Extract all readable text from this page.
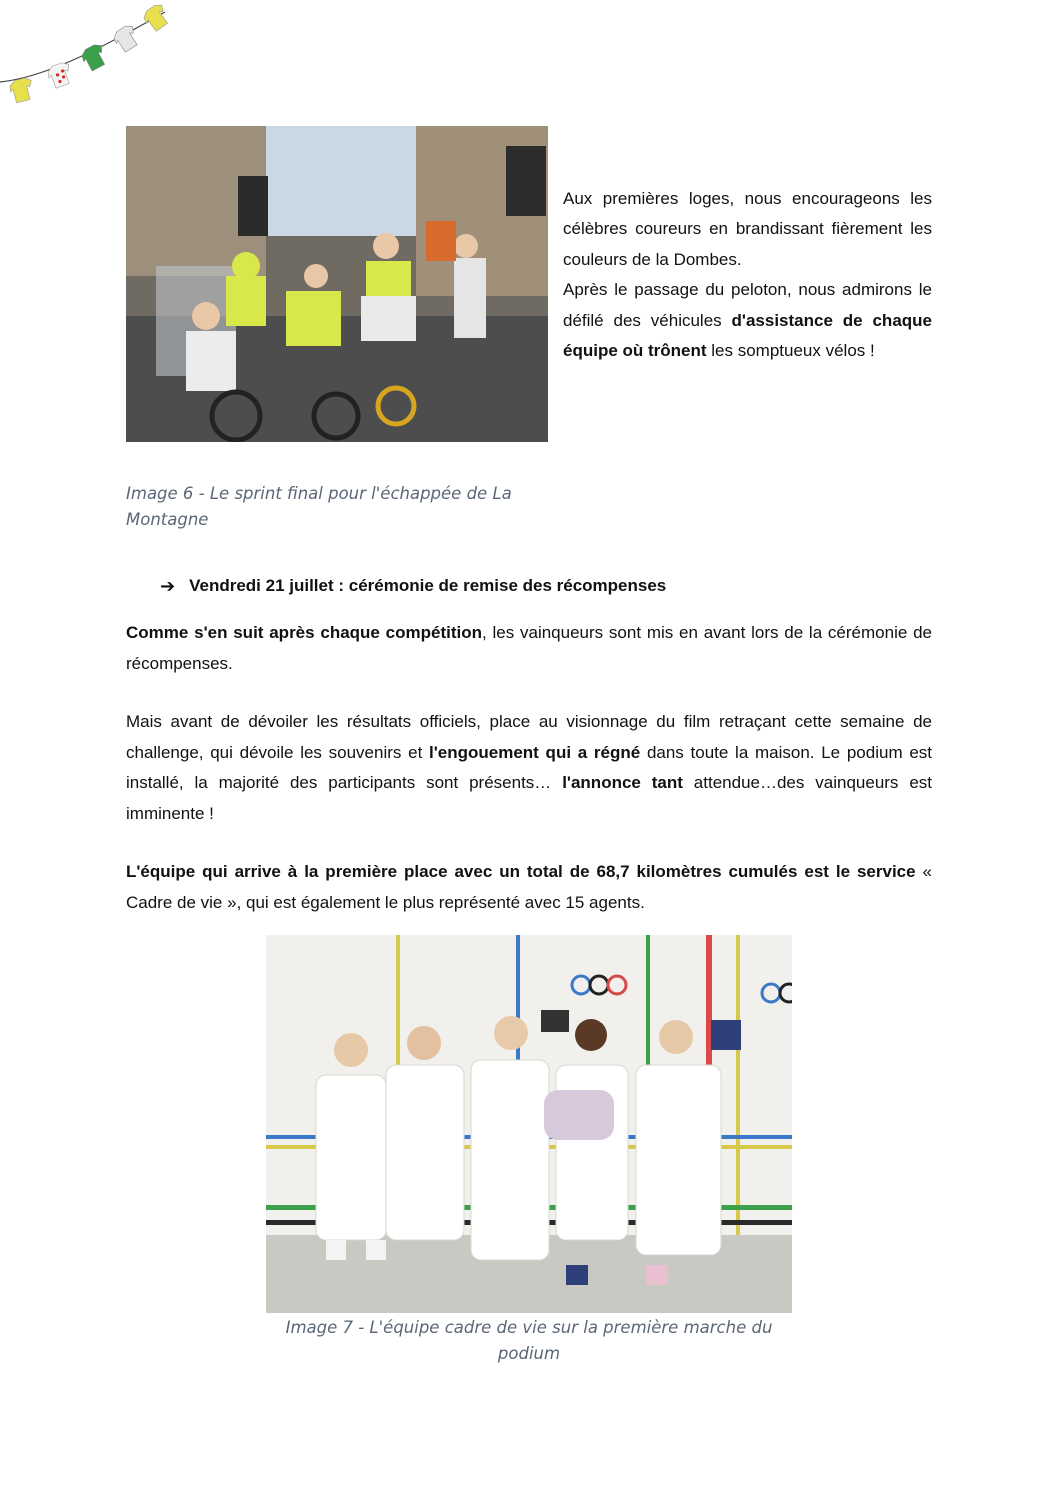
Aux premières loges, nous encourageons les célèbres coureurs en brandissant fièrement les couleurs de la Dombes.

Après le passage du peloton, nous admirons le défilé des véhicules d'assistance de chaque équipe où trônent les somptueux vélos !

Image 6 - Le sprint final pour l'échappée de La Montagne
➔ Vendredi 21 juillet : cérémonie de remise des récompenses

Comme s'en suit après chaque compétition, les vainqueurs sont mis en avant lors de la cérémonie de récompenses.

Mais avant de dévoiler les résultats officiels, place au visionnage du film retraçant cette semaine de challenge, qui dévoile les souvenirs et l'engouement qui a régné dans toute la maison. Le podium est installé, la majorité des participants sont présents… l'annonce tant attendue…des vainqueurs est imminente !

L'équipe qui arrive à la première place avec un total de 68,7 kilomètres cumulés est le service « Cadre de vie », qui est également le plus représenté avec 15 agents.

Image 7 - L'équipe cadre de vie sur la première marche du podium
